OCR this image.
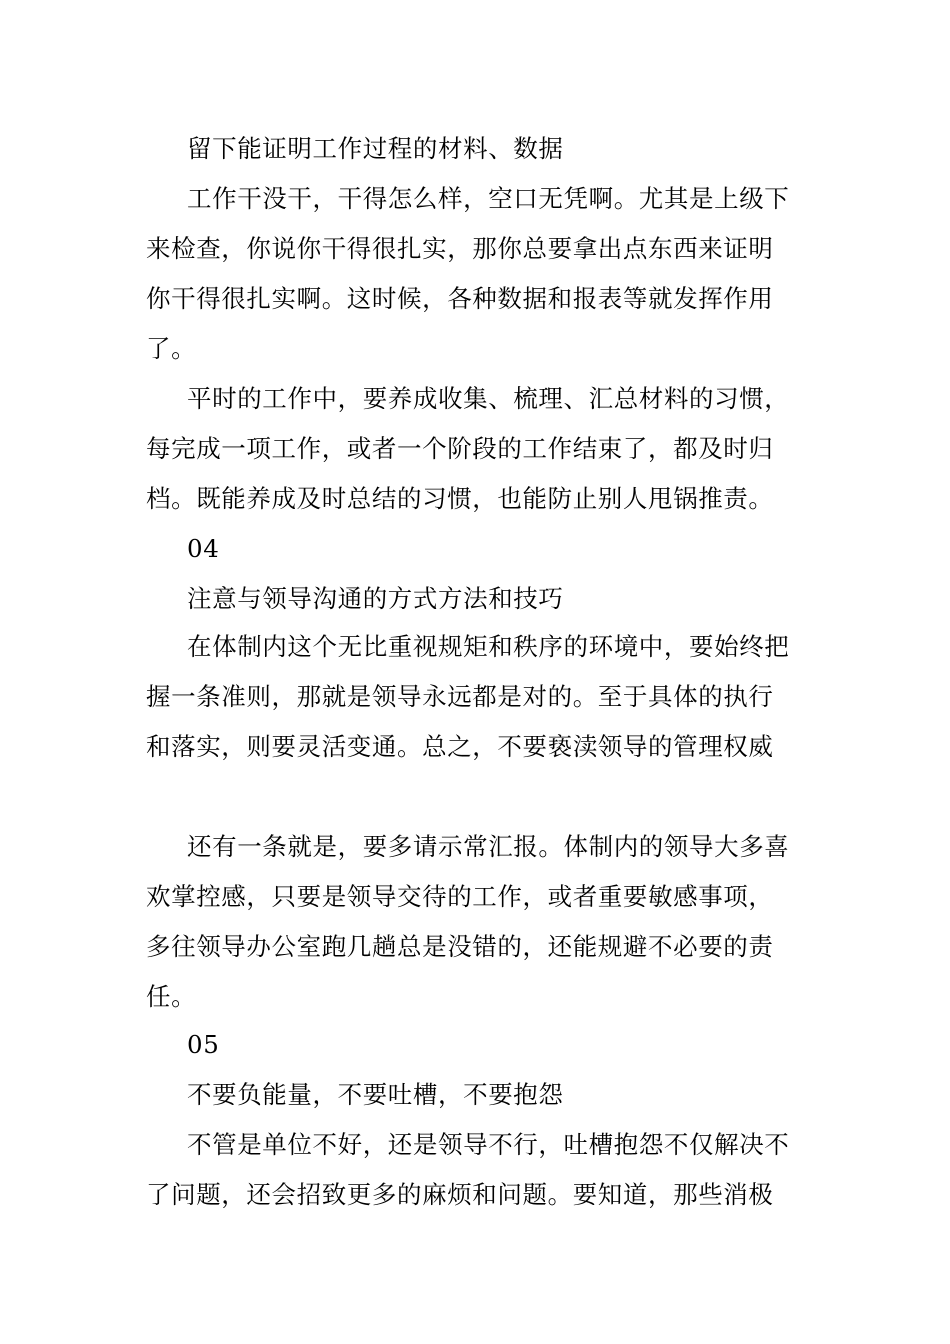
留下能证明工作过程的材料、数据
工作干没干，干得怎么样，空口无凭啊。尤其是上级下
来检查，你说你干得很扎实，那你总要拿出点东西来证明
你干得很扎实啊。这时候，各种数据和报表等就发挥作用
了。
平时的工作中，要养成收集、梳理、汇总材料的习惯，
每完成一项工作，或者一个阶段的工作结束了，都及时归
档。既能养成及时总结的习惯，也能防止别人甩锅推责。
04
注意与领导沟通的方式方法和技巧
在体制内这个无比重视规矩和秩序的环境中，要始终把
握一条准则，那就是领导永远都是对的。至于具体的执行
和落实，则要灵活变通。总之，不要亵渎领导的管理权威
还有一条就是，要多请示常汇报。体制内的领导大多喜
欢掌控感，只要是领导交待的工作，或者重要敏感事项，
多往领导办公室跑几趟总是没错的，还能规避不必要的责
任。
05
不要负能量，不要吐槽，不要抱怨
不管是单位不好，还是领导不行，吐槽抱怨不仅解决不
了问题，还会招致更多的麻烦和问题。要知道，那些消极
